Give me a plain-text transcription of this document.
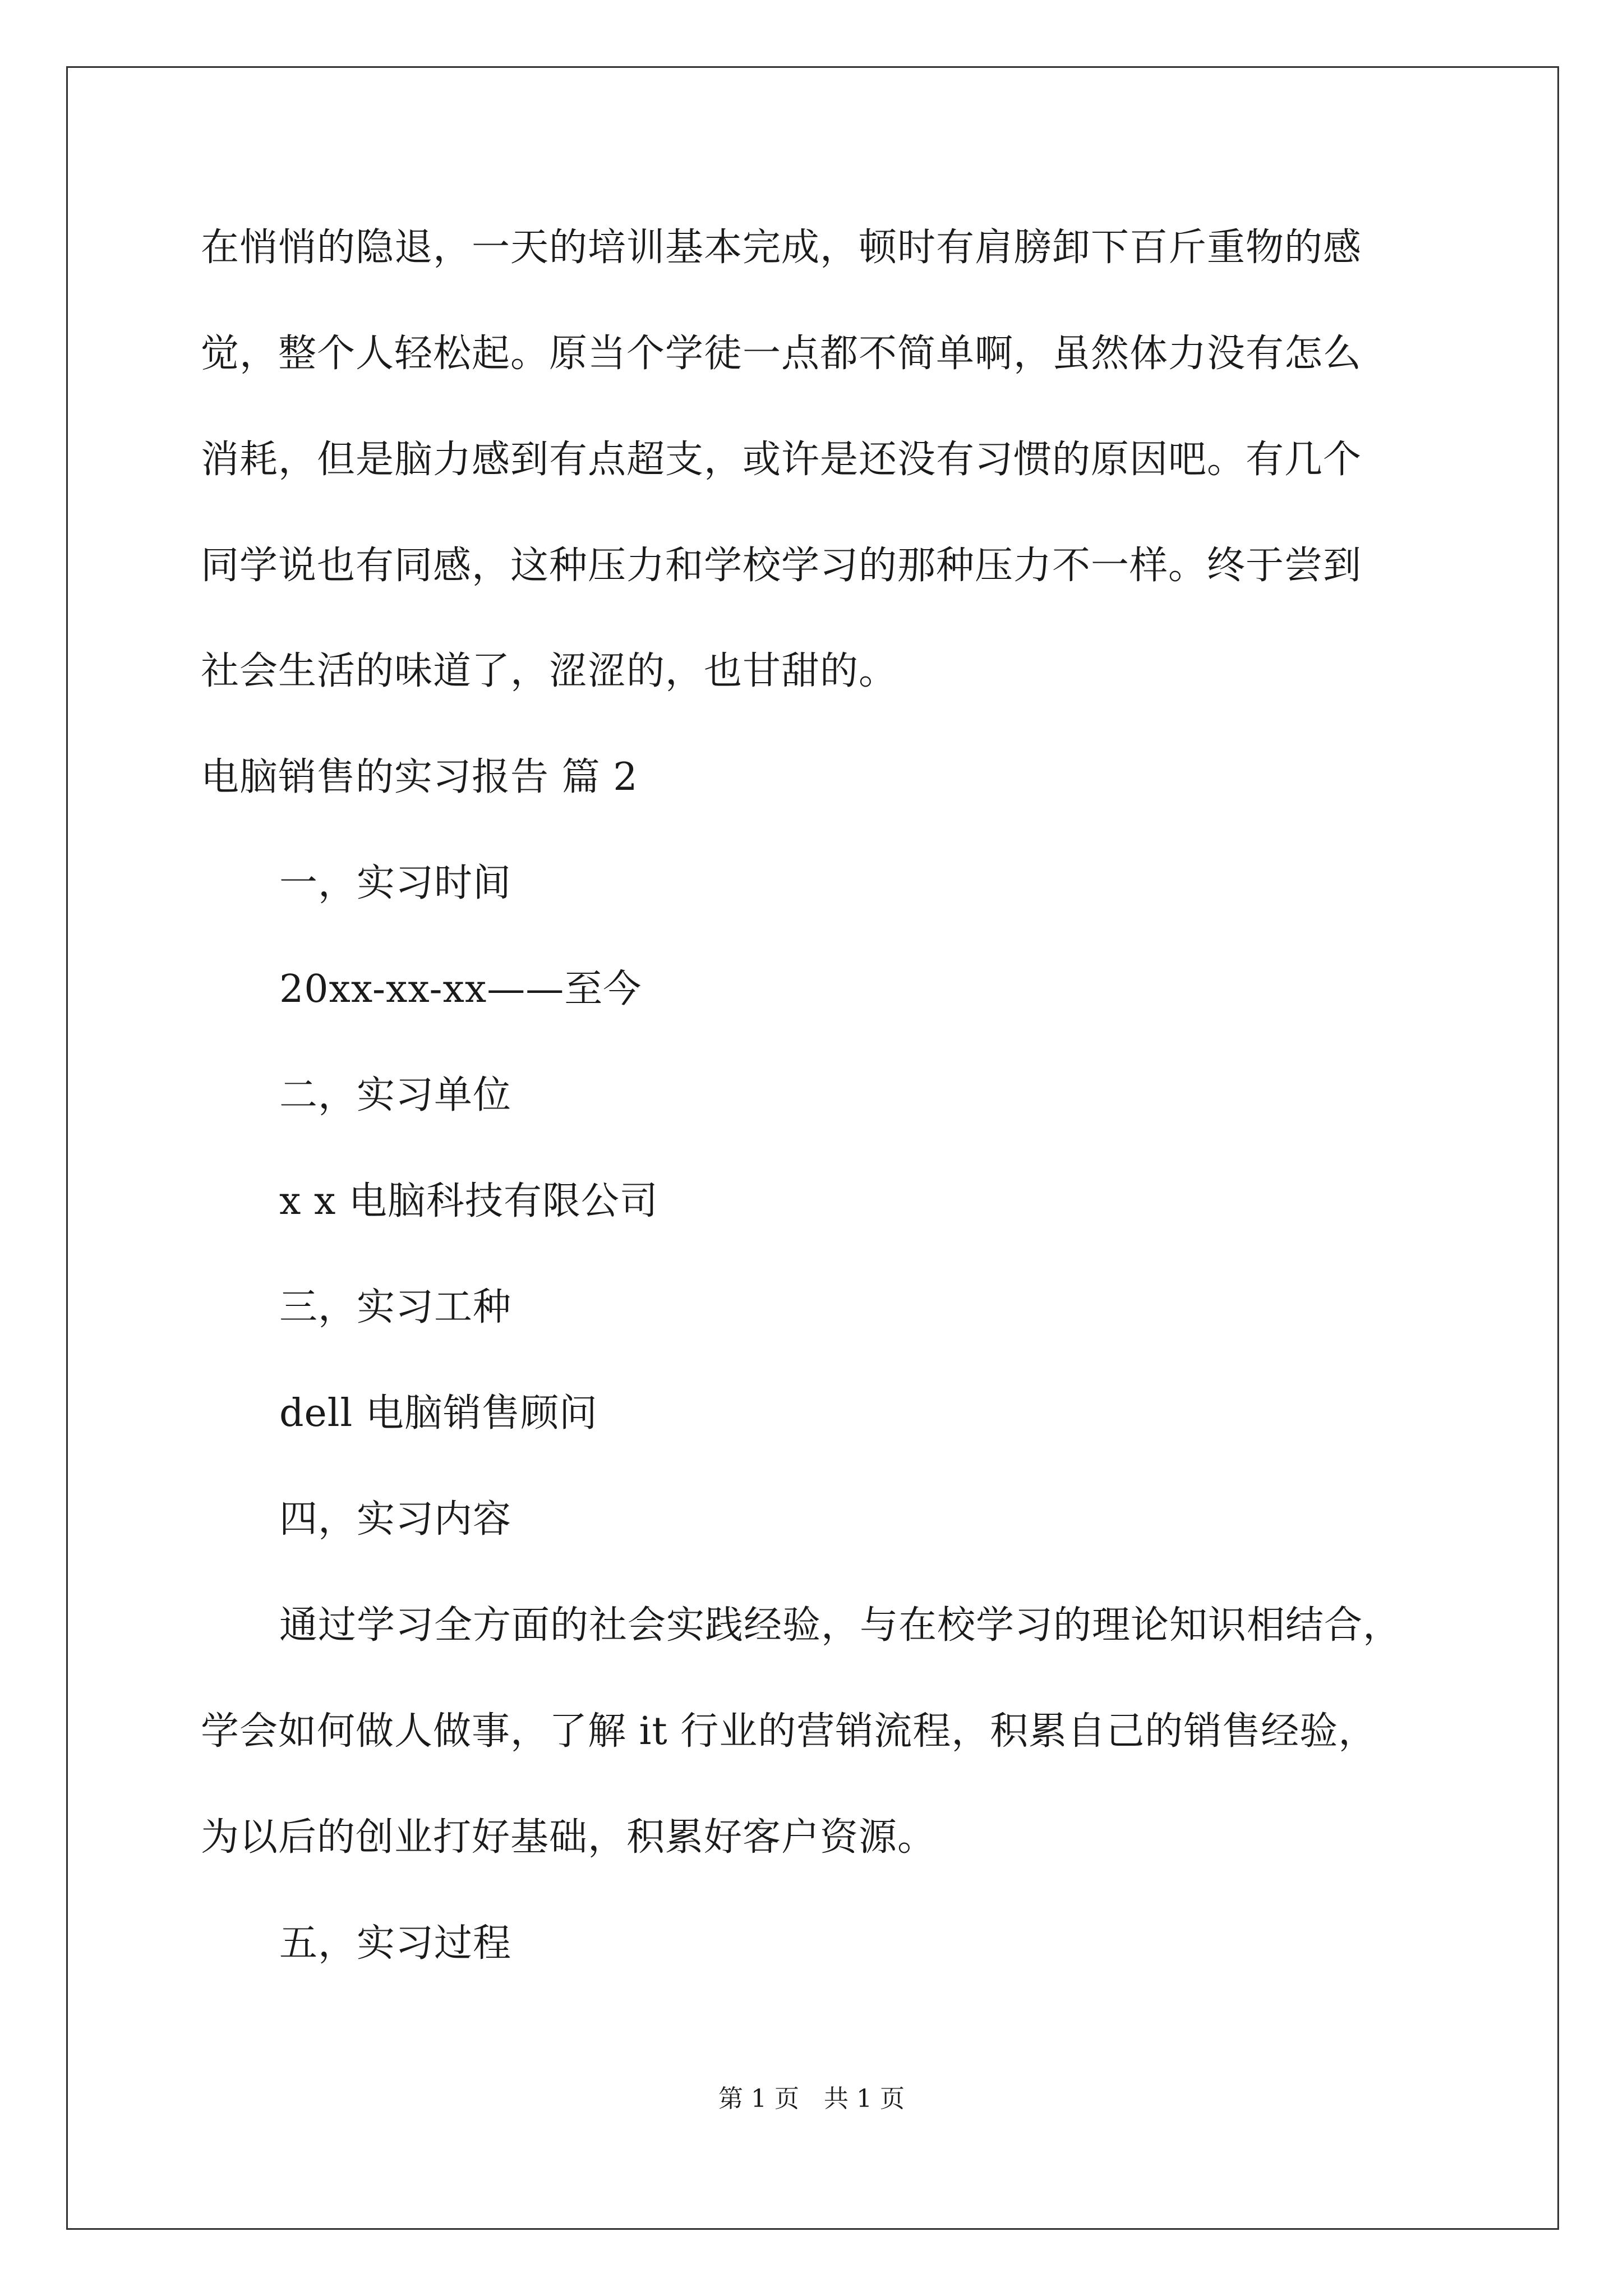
在悄悄的隐退，一天的培训基本完成，顿时有肩膀卸下百斤重物的感
觉，整个人轻松起。原当个学徒一点都不简单啊，虽然体力没有怎么
消耗，但是脑力感到有点超支，或许是还没有习惯的原因吧。有几个
同学说也有同感，这种压力和学校学习的那种压力不一样。终于尝到
社会生活的味道了，涩涩的，也甘甜的。
电脑销售的实习报告 篇 2
一，实习时间
20xx-xx-xx——至今
二，实习单位
x x 电脑科技有限公司
三，实习工种
dell 电脑销售顾问
四，实习内容
通过学习全方面的社会实践经验，与在校学习的理论知识相结合，
学会如何做人做事，了解 it 行业的营销流程，积累自己的销售经验，
为以后的创业打好基础，积累好客户资源。
五，实习过程
第 1 页　共 1 页
